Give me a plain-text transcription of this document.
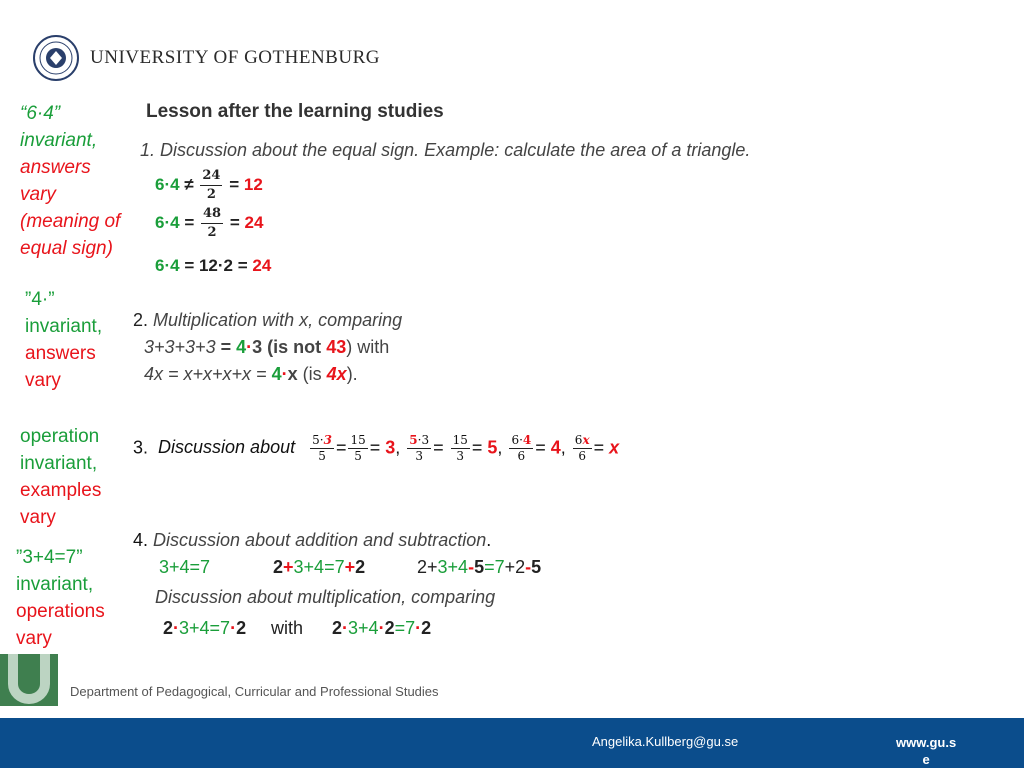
UNIVERSITY OF GOTHENBURG
Lesson after the learning studies
“6·4”
invariant,
answers
vary
(meaning of
equal sign)
”4·”
invariant,
answers
vary
operation
invariant,
examples
vary
”3+4=7”
invariant,
operations
vary
1. Discussion about the equal sign. Example: calculate the area of a triangle.
$6\cdot 4 \ne \frac{24}{2} = 12$
$6\cdot 4 = \frac{48}{2} = 24$
6·4 = 12·2 = 24
2. Multiplication with x, comparing
3+3+3+3 = 4·3 (is not 43) with
4x = x+x+x+x = 4·x (is 4x).
3. Discussion about $\frac{5\cdot 3}{5} = \frac{15}{5} = 3$, $\frac{5\cdot 3}{3} = \frac{15}{3} = 5$, $\frac{6\cdot 4}{6} = 4$, $\frac{6x}{6} = x$
4. Discussion about addition and subtraction.
3+4=7	2+3+4=7+2	2+3+4-5=7+2-5
Discussion about multiplication, comparing
2·3+4=7·2 with 2·3+4·2=7·2
Department of Pedagogical, Curricular and Professional Studies
Angelika.Kullberg@gu.se	www.gu.s
e
